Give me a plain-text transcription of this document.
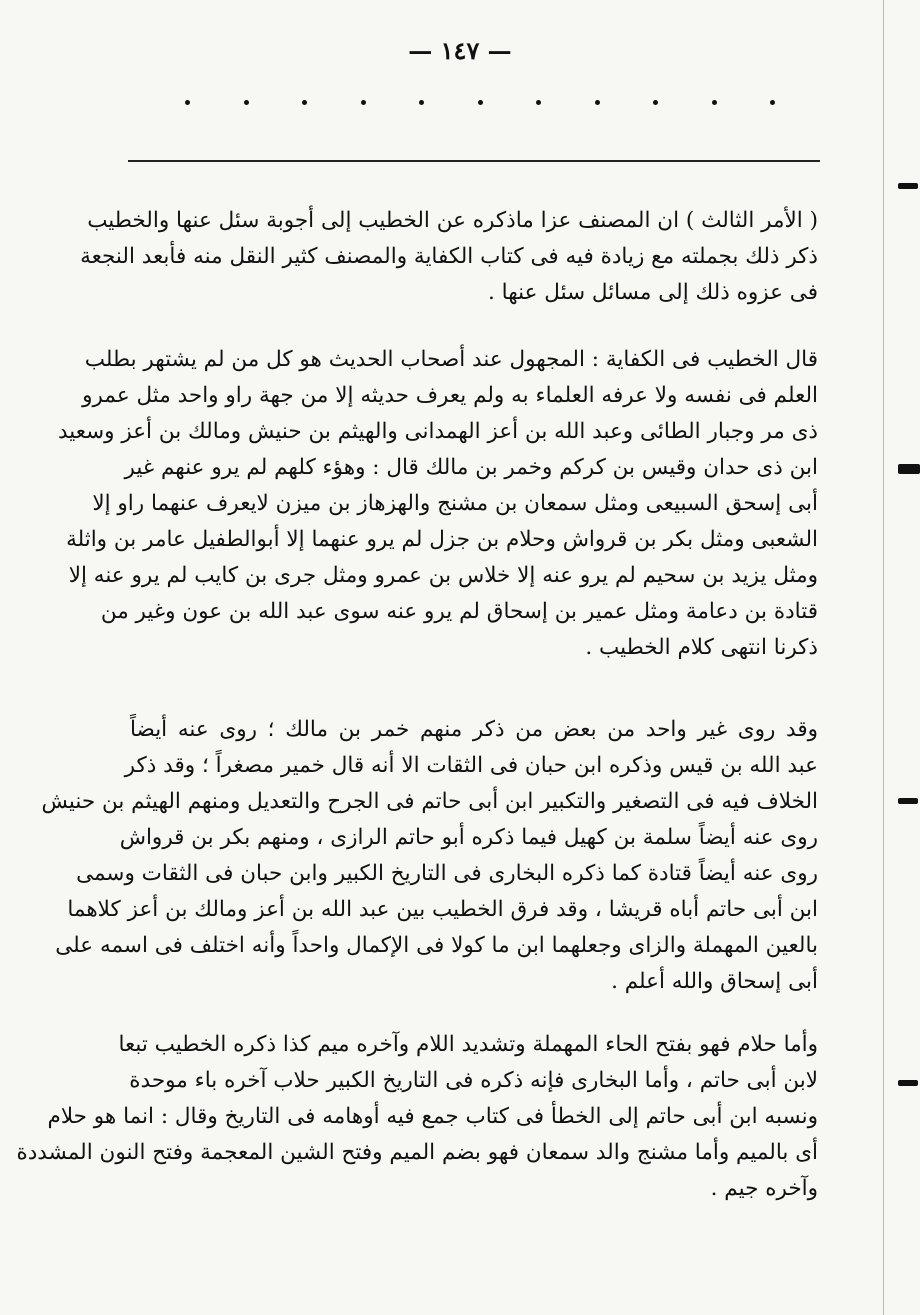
— ١٤٧ —
( الأمر الثالث ) ان المصنف عزا ماذكره عن الخطيب إلى أجوبة سئل عنها والخطيب
ذكر ذلك بجملته مع زيادة فيه فى كتاب الكفاية والمصنف كثير النقل منه فأبعد النجعة
فى عزوه ذلك إلى مسائل سئل عنها .
قال الخطيب فى الكفاية : المجهول عند أصحاب الحديث هو كل من لم يشتهر بطلب
العلم فى نفسه ولا عرفه العلماء به ولم يعرف حديثه إلا من جهة راو واحد مثل عمرو
ذى مر وجبار الطائى وعبد الله بن أعز الهمدانى والهيثم بن حنيش ومالك بن أعز وسعيد
ابن ذى حدان وقيس بن كركم وخمر بن مالك قال : وهؤء كلهم لم يرو عنهم غير
أبى إسحق السبيعى ومثل سمعان بن مشنج والهزهاز بن ميزن لايعرف عنهما راو إلا
الشعبى ومثل بكر بن قرواش وحلام بن جزل لم يرو عنهما إلا أبوالطفيل عامر بن واثلة
ومثل يزيد بن سحيم لم يرو عنه إلا خلاس بن عمرو ومثل جرى بن كايب لم يرو عنه إلا
قتادة بن دعامة ومثل عمير بن إسحاق لم يرو عنه سوى عبد الله بن عون وغير من
ذكرنا انتهى كلام الخطيب .
وقد روى غير واحد من بعض من ذكر منهم خمر بن مالك ؛ روى عنه أيضاً
عبد الله بن قيس وذكره ابن حبان فى الثقات الا أنه قال خمير مصغراً ؛ وقد ذكر
الخلاف فيه فى التصغير والتكبير ابن أبى حاتم فى الجرح والتعديل ومنهم الهيثم بن حنيش
روى عنه أيضاً سلمة بن كهيل فيما ذكره أبو حاتم الرازى ، ومنهم بكر بن قرواش
روى عنه أيضاً قتادة كما ذكره البخارى فى التاريخ الكبير وابن حبان فى الثقات وسمى
ابن أبى حاتم أباه قريشا ، وقد فرق الخطيب بين عبد الله بن أعز ومالك بن أعز كلاهما
بالعين المهملة والزاى وجعلهما ابن ما كولا فى الإكمال واحداً وأنه اختلف فى اسمه على
أبى إسحاق والله أعلم .
وأما حلام فهو بفتح الحاء المهملة وتشديد اللام وآخره ميم كذا ذكره الخطيب تبعا
لابن أبى حاتم ، وأما البخارى فإنه ذكره فى التاريخ الكبير حلاب آخره باء موحدة
ونسبه ابن أبى حاتم إلى الخطأ فى كتاب جمع فيه أوهامه فى التاريخ وقال : انما هو حلام
أى بالميم وأما مشنج والد سمعان فهو بضم الميم وفتح الشين المعجمة وفتح النون المشددة
وآخره جيم .
